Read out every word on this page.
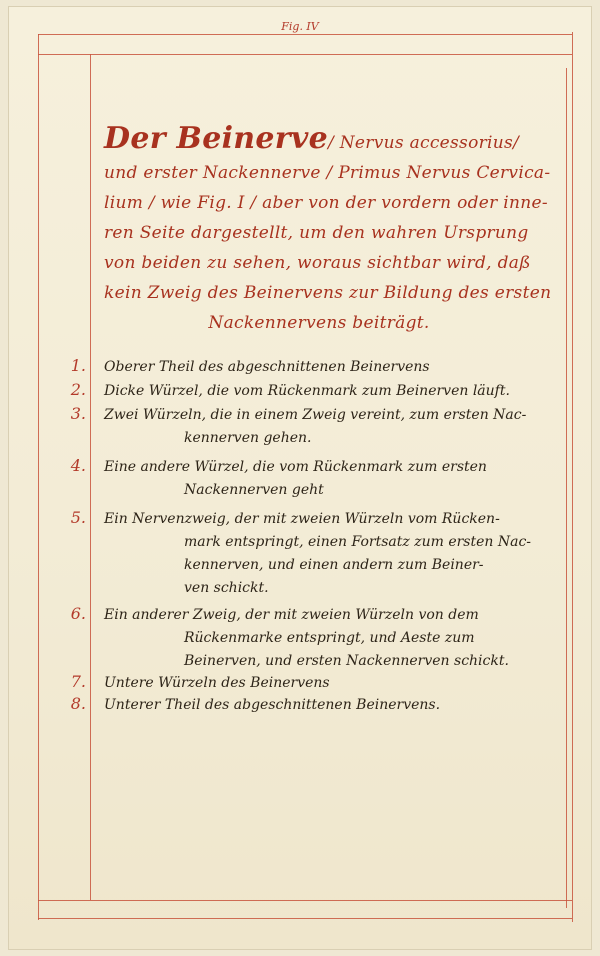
Fig. IV
Der Beinerve/ Nervus accessorius/
und erster Nackennerve / Primus Nervus Cervica-
lium / wie Fig. I / aber von der vordern oder inne-
ren Seite dargestellt, um den wahren Ursprung
von beiden zu sehen, woraus sichtbar wird, daß
kein Zweig des Beinervens zur Bildung des ersten

Nackennervens beiträgt.
1. Oberer Theil des abgeschnittenen Beinervens
2. Dicke Würzel, die vom Rückenmark zum Beinerven läuft.
3. Zwei Würzeln, die in einem Zweig vereint, zum ersten Nac-
kennerven gehen.
4. Eine andere Würzel, die vom Rückenmark zum ersten
Nackennerven geht
5. Ein Nervenzweig, der mit zweien Würzeln vom Rücken-
mark entspringt, einen Fortsatz zum ersten Nac-
kennerven, und einen andern zum Beiner-
ven schickt.
6. Ein anderer Zweig, der mit zweien Würzeln von dem
Rückenmarke entspringt, und Aeste zum
Beinerven, und ersten Nackennerven schickt.
7. Untere Würzeln des Beinervens
8. Unterer Theil des abgeschnittenen Beinervens.
